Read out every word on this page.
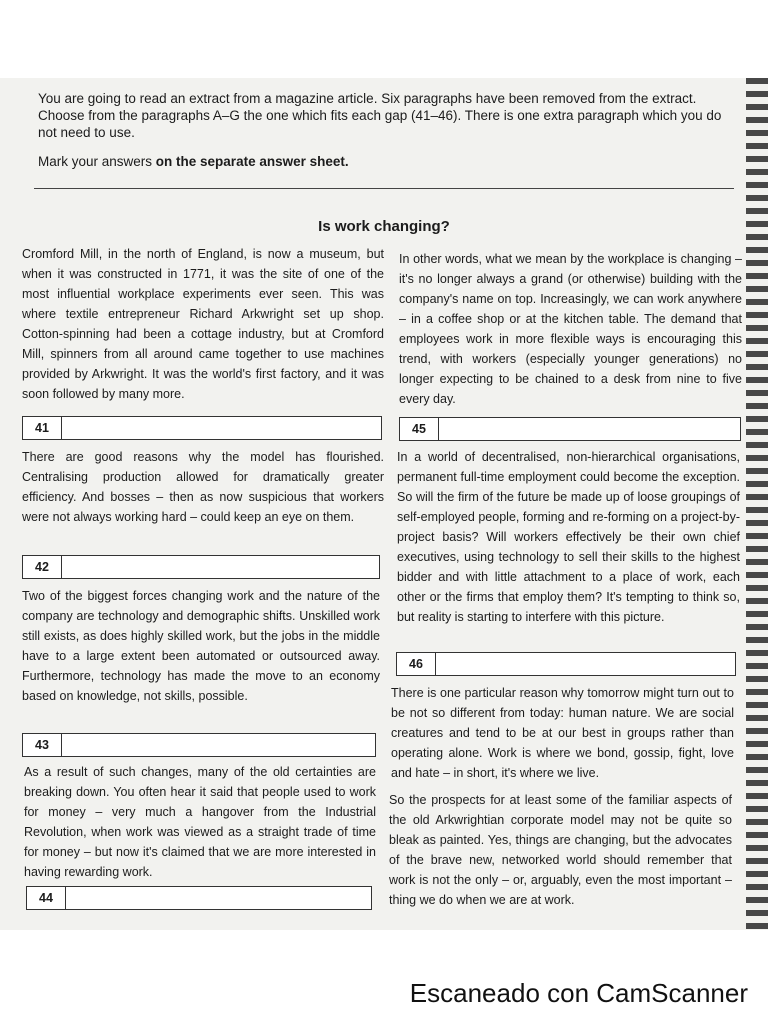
You are going to read an extract from a magazine article. Six paragraphs have been removed from the extract. Choose from the paragraphs A–G the one which fits each gap (41–46). There is one extra paragraph which you do not need to use.

Mark your answers on the separate answer sheet.
Is work changing?

Cromford Mill, in the north of England, is now a museum, but when it was constructed in 1771, it was the site of one of the most influential workplace experiments ever seen. This was where textile entrepreneur Richard Arkwright set up shop. Cotton-spinning had been a cottage industry, but at Cromford Mill, spinners from all around came together to use machines provided by Arkwright. It was the world's first factory, and it was soon followed by many more.

41

There are good reasons why the model has flourished. Centralising production allowed for dramatically greater efficiency. And bosses – then as now suspicious that workers were not always working hard – could keep an eye on them.

42

Two of the biggest forces changing work and the nature of the company are technology and demographic shifts. Unskilled work still exists, as does highly skilled work, but the jobs in the middle have to a large extent been automated or outsourced away. Furthermore, technology has made the move to an economy based on knowledge, not skills, possible.

43

As a result of such changes, many of the old certainties are breaking down. You often hear it said that people used to work for money – very much a hangover from the Industrial Revolution, when work was viewed as a straight trade of time for money – but now it's claimed that we are more interested in having rewarding work.

44

In other words, what we mean by the workplace is changing – it's no longer always a grand (or otherwise) building with the company's name on top. Increasingly, we can work anywhere – in a coffee shop or at the kitchen table. The demand that employees work in more flexible ways is encouraging this trend, with workers (especially younger generations) no longer expecting to be chained to a desk from nine to five every day.

45

In a world of decentralised, non-hierarchical organisations, permanent full-time employment could become the exception. So will the firm of the future be made up of loose groupings of self-employed people, forming and re-forming on a project-by-project basis? Will workers effectively be their own chief executives, using technology to sell their skills to the highest bidder and with little attachment to a place of work, each other or the firms that employ them? It's tempting to think so, but reality is starting to interfere with this picture.

46

There is one particular reason why tomorrow might turn out to be not so different from today: human nature. We are social creatures and tend to be at our best in groups rather than operating alone. Work is where we bond, gossip, fight, love and hate – in short, it's where we live.

So the prospects for at least some of the familiar aspects of the old Arkwrightian corporate model may not be quite so bleak as painted. Yes, things are changing, but the advocates of the brave new, networked world should remember that work is not the only – or, arguably, even the most important – thing we do when we are at work.

Escaneado con CamScanner
